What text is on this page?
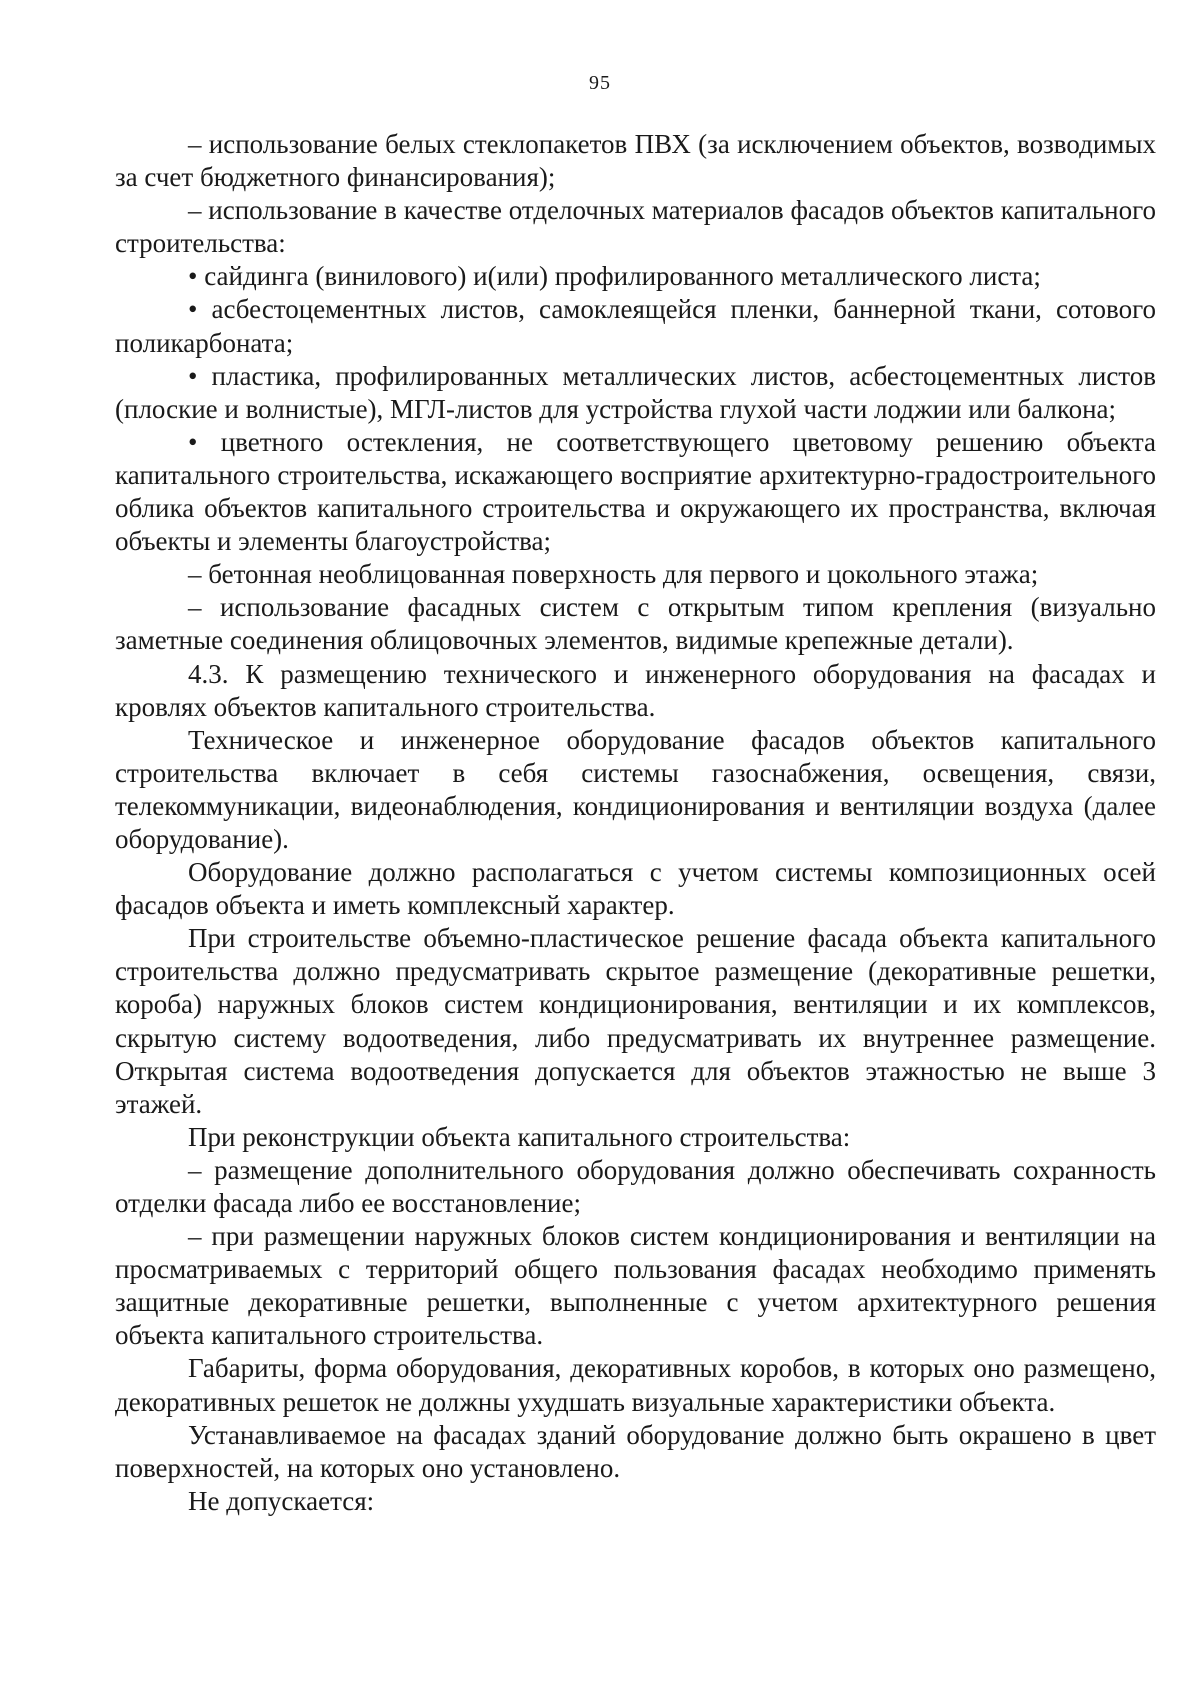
95

– использование белых стеклопакетов ПВХ (за исключением объектов, возводимых за счет бюджетного финансирования);

– использование в качестве отделочных материалов фасадов объектов капитального строительства:

• сайдинга (винилового) и(или) профилированного металлического листа;

• асбестоцементных листов, самоклеящейся пленки, баннерной ткани, сотового поликарбоната;

• пластика, профилированных металлических листов, асбестоцементных листов (плоские и волнистые), МГЛ-листов для устройства глухой части лоджии или балкона;

• цветного остекления, не соответствующего цветовому решению объекта капитального строительства, искажающего восприятие архитектурно-градостроительного облика объектов капитального строительства и окружающего их пространства, включая объекты и элементы благоустройства;

– бетонная необлицованная поверхность для первого и цокольного этажа;

– использование фасадных систем с открытым типом крепления (визуально заметные соединения облицовочных элементов, видимые крепежные детали).

4.3. К размещению технического и инженерного оборудования на фасадах и кровлях объектов капитального строительства.

Техническое и инженерное оборудование фасадов объектов капитального строительства включает в себя системы газоснабжения, освещения, связи, телекоммуникации, видеонаблюдения, кондиционирования и вентиляции воздуха (далее оборудование).

Оборудование должно располагаться с учетом системы композиционных осей фасадов объекта и иметь комплексный характер.

При строительстве объемно-пластическое решение фасада объекта капитального строительства должно предусматривать скрытое размещение (декоративные решетки, короба) наружных блоков систем кондиционирования, вентиляции и их комплексов, скрытую систему водоотведения, либо предусматривать их внутреннее размещение. Открытая система водоотведения допускается для объектов этажностью не выше 3 этажей.

При реконструкции объекта капитального строительства:

– размещение дополнительного оборудования должно обеспечивать сохранность отделки фасада либо ее восстановление;

– при размещении наружных блоков систем кондиционирования и вентиляции на просматриваемых с территорий общего пользования фасадах необходимо применять защитные декоративные решетки, выполненные с учетом архитектурного решения объекта капитального строительства.

Габариты, форма оборудования, декоративных коробов, в которых оно размещено, декоративных решеток не должны ухудшать визуальные характеристики объекта.

Устанавливаемое на фасадах зданий оборудование должно быть окрашено в цвет поверхностей, на которых оно установлено.

Не допускается:
